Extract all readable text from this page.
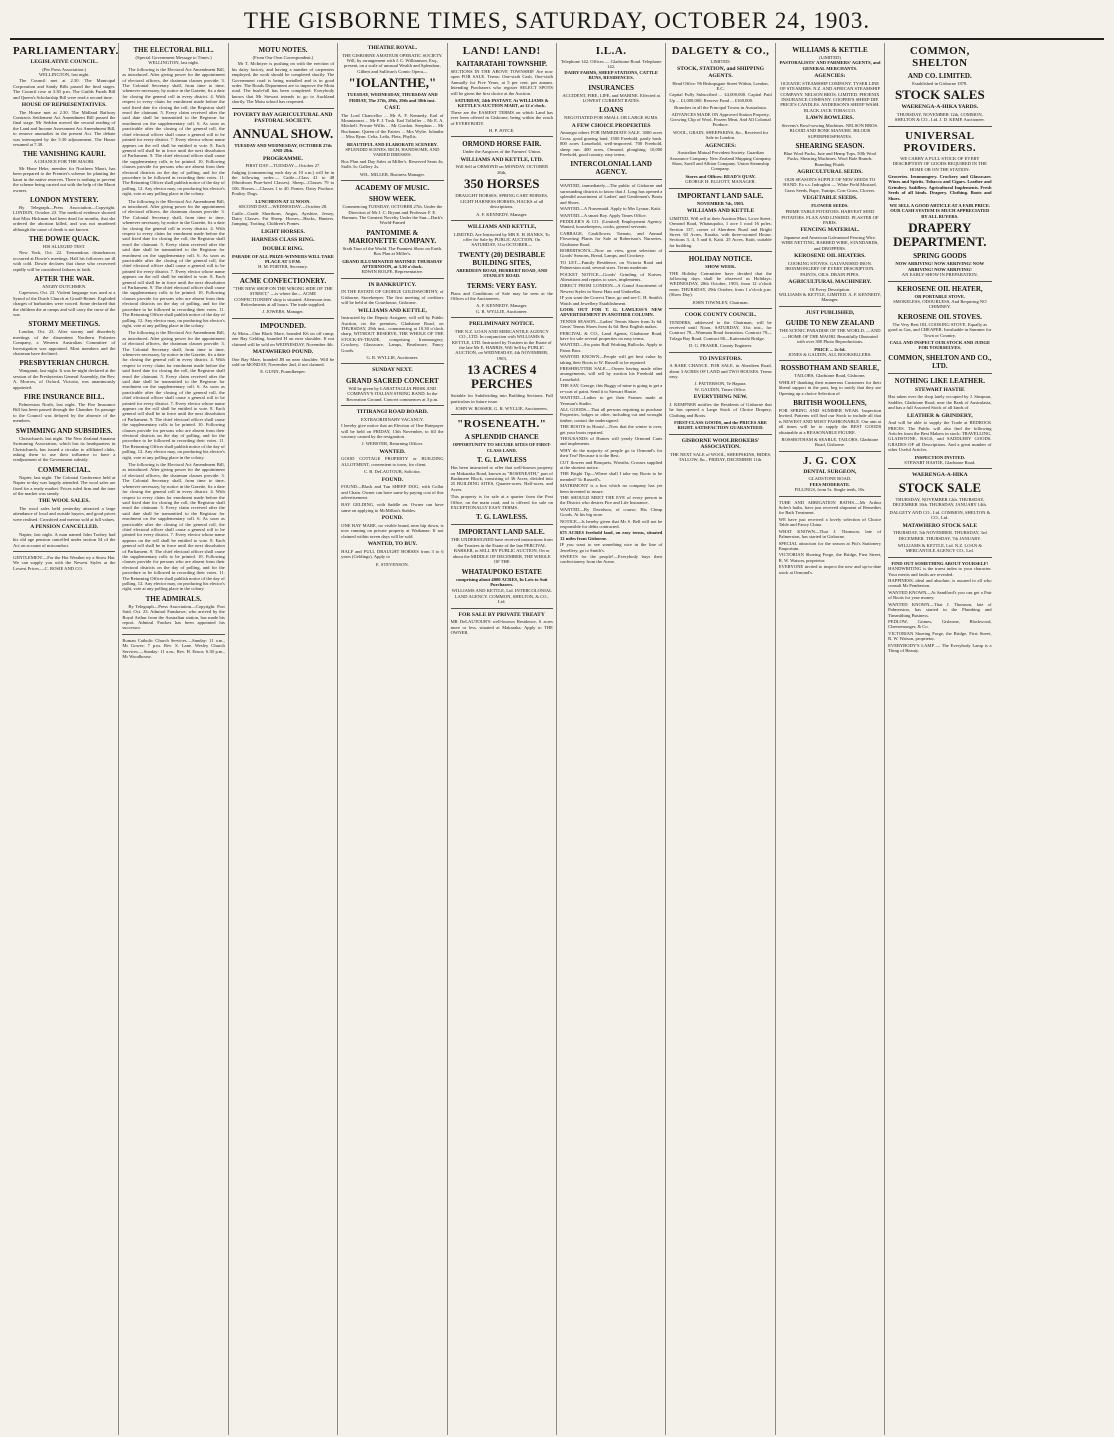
THE GISBORNE TIMES, SATURDAY, OCTOBER 24, 1903.
PARLIAMENTARY.
LEGISLATIVE COUNCIL.
(Per Press Association.)
WELLINGTON, last night.
The Council met at 2.30. The Municipal Corporation and Sandy Bills passed the final stages. The Council rose at 3.30 p.m. The Guilds Funds Bill and Queen's Scholarship Bill were read a second time.
HOUSE OF REPRESENTATIVES.
The House met at 2.30. The Midland Railway Contracts Settlement Act Amendment Bill passed the final stage. Mr Seddon moved the second reading of the Land and Income Assessment Act Amendment Bill, to remove anomalies in the present Act. The debate was interrupted by the 5.30 adjournment. The House resumed at 7.30.
THE VANISHING KAURI.
A CHANCE FOR THE MAORI.
Mr Hone Heke, member for Northern Maori, has been prepared to the Premier's scheme for planting the kauri in the native reserves. There is nothing to prevent the scheme being carried out with the help of the Maori owners.
LONDON MYSTERY.
By Telegraph—Press Association—Copyright. LONDON, October 23. The medical evidence showed that Miss Hickman had been dead for months, that she ordered the abortion killed, and was not murdered although the cause of death is not known.
THE DOWIE QUACK.
HIS ALLEGED TEST.
New York, Oct. 22. Tremendous disturbances occurred at Dowie's meetings. Half his followers are ill with cold. Dowie declares that those who recovered rapidly will be considered failures in faith.
AFTER THE WAR.
ANGRY DUTCHMEN.
Capetown, Oct. 23. Violent language was used at a Synod of the Dutch Church at Graaff-Reinet. Exploded charges of barbarities were voiced. Some declared that the children die at camps and will carry the curse of the war.
STORMY MEETINGS.
London, Oct. 23. After stormy and disorderly meetings of the dissentient Northern Fisheries Company, a Western Australian Committee of Investigation was appointed. Most members and the chairman have declined.
PRESBYTERIAN CHURCH.
Wanganui, last night. It was be-night declared at the session of the Presbyterian General Assembly, the Rev. A. Morrow, of Oxford, Victoria, was unanimously appointed.
FIRE INSURANCE BILL.
Palmerston North, last night. The Fire Insurance Bill has been passed through the Chamber. Its passage to the Council was delayed by the absence of the members.
SWIMMING AND SUBSIDIES.
Christchurch, last night. The New Zealand Amateur Swimming Association, which has its headquarters in Christchurch, has issued a circular to affiliated clubs, asking them to use their influence to have a readjustment of the Government subsidy.
COMMERCIAL.
Napier, last night. The Colonial Conference held at Napier to-day was largely attended. The wool sales are fixed for a ready market. Prices ruled firm and the tone of the market was steady.
THE WOOL SALES.
The wool sales held yesterday attracted a large attendance of local and outside buyers, and good prices were realised. Crossbred and merino sold at full values.
A PENSION CANCELLED.
Napier, last night. A man named John Toohey had his old age pension cancelled under section 54 of the Act on account of misconduct.
GENTLEMEN!—For the Hot Weather try a Straw Hat. We can supply you with the Newest Styles at the Lowest Prices.—C. ROSIE AND CO.
THE ELECTORAL BILL.
(Special Government Message to Times.)
WELLINGTON, last night.
The following is the Electoral Act Amendment Bill, as introduced. After giving power for the appointment of electoral officers, the chairman clauses provide: 3. The Colonial Secretary shall, from time to time, whenever necessary, by notice in the Gazette, fix a date for closing the general roll in every district. 4. With respect to every claim for enrolment made before the said fixed date for closing the roll, the Registrar shall enrol the claimant. 5. Every claim received after the said date shall be transmitted to the Registrar for enrolment on the supplementary roll. 6. As soon as practicable after the closing of the general roll, the chief electoral officer shall cause a general roll to be printed for every district. 7. Every elector whose name appears on the roll shall be entitled to vote. 8. Each general roll shall be in force until the next dissolution of Parliament. 9. The chief electoral officer shall cause the supplementary rolls to be printed. 10. Following clauses provide for persons who are absent from their electoral districts on the day of polling, and for the procedure to be followed in recording their votes. 11. The Returning Officer shall publish notice of the day of polling. 12. Any elector may, on producing his elector's right, vote at any polling place in the colony.
The following is the Electoral Act Amendment Bill, as introduced. After giving power for the appointment of electoral officers, the chairman clauses provide: 3. The Colonial Secretary shall, from time to time, whenever necessary, by notice in the Gazette, fix a date for closing the general roll in every district. 4. With respect to every claim for enrolment made before the said fixed date for closing the roll, the Registrar shall enrol the claimant. 5. Every claim received after the said date shall be transmitted to the Registrar for enrolment on the supplementary roll. 6. As soon as practicable after the closing of the general roll, the chief electoral officer shall cause a general roll to be printed for every district. 7. Every elector whose name appears on the roll shall be entitled to vote. 8. Each general roll shall be in force until the next dissolution of Parliament. 9. The chief electoral officer shall cause the supplementary rolls to be printed. 10. Following clauses provide for persons who are absent from their electoral districts on the day of polling, and for the procedure to be followed in recording their votes. 11. The Returning Officer shall publish notice of the day of polling. 12. Any elector may, on producing his elector's right, vote at any polling place in the colony.
The following is the Electoral Act Amendment Bill, as introduced. After giving power for the appointment of electoral officers, the chairman clauses provide: 3. The Colonial Secretary shall, from time to time, whenever necessary, by notice in the Gazette, fix a date for closing the general roll in every district. 4. With respect to every claim for enrolment made before the said fixed date for closing the roll, the Registrar shall enrol the claimant. 5. Every claim received after the said date shall be transmitted to the Registrar for enrolment on the supplementary roll. 6. As soon as practicable after the closing of the general roll, the chief electoral officer shall cause a general roll to be printed for every district. 7. Every elector whose name appears on the roll shall be entitled to vote. 8. Each general roll shall be in force until the next dissolution of Parliament. 9. The chief electoral officer shall cause the supplementary rolls to be printed. 10. Following clauses provide for persons who are absent from their electoral districts on the day of polling, and for the procedure to be followed in recording their votes. 11. The Returning Officer shall publish notice of the day of polling. 12. Any elector may, on producing his elector's right, vote at any polling place in the colony.
The following is the Electoral Act Amendment Bill, as introduced. After giving power for the appointment of electoral officers, the chairman clauses provide: 3. The Colonial Secretary shall, from time to time, whenever necessary, by notice in the Gazette, fix a date for closing the general roll in every district. 4. With respect to every claim for enrolment made before the said fixed date for closing the roll, the Registrar shall enrol the claimant. 5. Every claim received after the said date shall be transmitted to the Registrar for enrolment on the supplementary roll. 6. As soon as practicable after the closing of the general roll, the chief electoral officer shall cause a general roll to be printed for every district. 7. Every elector whose name appears on the roll shall be entitled to vote. 8. Each general roll shall be in force until the next dissolution of Parliament. 9. The chief electoral officer shall cause the supplementary rolls to be printed. 10. Following clauses provide for persons who are absent from their electoral districts on the day of polling, and for the procedure to be followed in recording their votes. 11. The Returning Officer shall publish notice of the day of polling. 12. Any elector may, on producing his elector's right, vote at any polling place in the colony.
THE ADMIRALS.
By Telegraph—Press Association—Copyright. Port Said, Oct. 23. Admiral Fanshawe, who arrived by the Royal Arthur from the Australian station, has made his report. Admiral Fawkes has been appointed his successor.
Roman Catholic Church Services.—Sunday: 11 a.m., Mr Gower; 7 p.m. Rev. S. Lane. Wesley Church Services.—Sunday: 11 a.m., Rev. H. Ensor; 6.30 p.m., Mr Woodhouse.
MOTU NOTES.
(From Our Own Correspondent.)
Mr T. McIntyre is pushing on with the erection of his dairy factory, and having a number of carpenters employed, the work should be completed shortly. The Government road is being metalled and is in good order. The Roads Department are to improve the Motu road. The bush-fall has been completed. Everybody knows that Mr Stewart intends to go to Auckland shortly. The Motu school has reopened.
POVERTY BAY AGRICULTURAL AND PASTORAL SOCIETY.
ANNUAL SHOW.
TUESDAY AND WEDNESDAY, OCTOBER 27th AND 28th.
PROGRAMME.
FIRST DAY—TUESDAY—October 27.
Judging (commencing each day at 10 a.m.) will be in the following order:— Cattle—Class 41 to 48 (Shorthorn Pure-bred Classes). Sheep—Classes 79 to 106. Horses.—Classes 1 to 40. Ponies. Dairy Produce. Poultry. Dogs.
LUNCHEON AT 12 NOON.
SECOND DAY—WEDNESDAY—October 28.
Cattle—Grade Shorthorn, Angus, Ayrshire, Jersey, Dairy Classes. Fat Sheep. Horses—Hacks, Hunters. Jumping. Trotting. Children's Ponies.
LIGHT HORSES.
HARNESS CLASS RING.
DOUBLE RING.
PARADE OF ALL PRIZE-WINNERS WILL TAKE PLACE AT 3 P.M.
H. M. PORTER, Secretary.
ACME CONFECTIONERY.
"THE NEW SHOP ON THE WRONG SIDE OF THE STREET," —is where the— ACME CONFECTIONERY shop is situated. Afternoon teas. Refreshments at all hours. The trade supplied.
J. JOWERS, Manager.
IMPOUNDED.
At Motu—One Black Mare, branded K6 on off rump; one Bay Gelding, branded H on near shoulder. If not claimed will be sold on WEDNESDAY, November 4th.
MATAWHERO POUND.
One Bay Mare, branded JB on near shoulder. Will be sold on MONDAY, November 2nd, if not claimed.
E. GUNN, Poundkeeper.
THEATRE ROYAL.
THE GISBORNE AMATEUR OPERATIC SOCIETY. Will, by arrangement with J. C. Williamson, Esq., present, on a scale of unusual Wealth and Splendour, Gilbert and Sullivan's Comic Opera—
"IOLANTHE,"
TUESDAY, WEDNESDAY, THURSDAY AND FRIDAY, The 27th, 28th, 29th and 30th inst.
CAST.
The Lord Chancellor ... Mr A. F. Kennedy. Earl of Mountararat ... Mr F. J. Tosh. Earl Tolloller ... Mr E. A. Mitchell. Private Willis ... Mr Gordon. Strephon ... Mr Buchanan. Queen of the Fairies ... Mrs Wylie. Iolanthe ... Miss Ryan. Celia, Leila, Fleta, Phyllis.
BEAUTIFUL AND ELABORATE SCENERY.
SPLENDID SCENES. RICH, HANDSOME, AND VARIED DRESSES.
Box Plan and Day Sales at Miller's. Reserved Seats 4s; Stalls 3s; Gallery 2s.
WIL. MILLER, Business Manager.
ACADEMY OF MUSIC.
SHOW WEEK.
Commencing TUESDAY, OCTOBER 27th. Under the Direction of Mr J. C. Bryant and Professor F. E. Barnum. The Greatest Novelty Under the Sun—Dark's World-Famed
PANTOMIME & MARIONETTE COMPANY.
Sixth Tour of the World. The Funniest Show on Earth. Box Plan at Miller's.
GRAND ILLUMINATED MATINEE THURSDAY AFTERNOON, at 3.30 o'clock.
EDWIN ROLFE, Representative.
IN BANKRUPTCY.
IN THE ESTATE OF GEORGE GOLDSWORTHY, of Gisborne, Storekeeper. The first meeting of creditors will be held at the Courthouse, Gisborne.
WILLIAMS AND KETTLE,
Instructed by the Deputy Assignee, will sell by Public Auction, on the premises, Gladstone Road, on THURSDAY, 29th inst., commencing at 10.30 o'clock sharp, WITHOUT RESERVE, THE WHOLE OF THE STOCK-IN-TRADE, comprising Ironmongery, Crockery, Glassware, Lamps, Brushware, Fancy Goods.
G. R. WYLLIE, Auctioneer.
SUNDAY NEXT.
GRAND SACRED CONCERT
Will be given by LABATTAGLIA PRISK AND COMPANY'S ITALIAN STRING BAND. In the Recreation Ground. Concert commences at 3 p.m.
TITIRANGI ROAD BOARD.
EXTRAORDINARY VACANCY.
I hereby give notice that an Election of One Ratepayer will be held on FRIDAY, 13th November, to fill the vacancy caused by the resignation.
J. WEBSTER, Returning Officer.
WANTED.
GOOD COTTAGE PROPERTY or BUILDING ALLOTMENT, convenient to town, for client.
C. B. DeLAUTOUR, Solicitor.
FOUND.
FOUND—Black and Tan SHEEP DOG, with Collar and Chain. Owner can have same by paying cost of this advertisement.
BAY GELDING, with Saddle on. Owner can have same on applying to McMillan's Stables.
POUND.
ONE BAY MARE, no visible brand, near hip down, is now running on private property at Waikanae. If not claimed within seven days will be sold.
WANTED, TO BUY.
HALF and FULL DRAUGHT HORSES from 3 to 6 years (Geldings). Apply to
E. STEVENSON.
LAND! LAND!
KAITARATAHI TOWNSHIP.
SECTIONS IN THE ABOVE TOWNSHIP. Are now open FOR SALE. Terms: One-sixth Cash, One-sixth Annually for Five Years, at 5 per cent. per annum. Intending Purchasers who register SELECT SPOTS will be given the first choice at the Auction.
SATURDAY, 24th INSTANT. At WILLIAMS & KETTLE'S AUCTION MART, at 12 o'clock.
These are the EASIEST TERMS on which Land has ever been offered in Gisborne, being within the reach of EVERYBODY.
H. P. JOYCE.
ORMOND HORSE FAIR.
Under the Auspices of the Farmers' Union.
WILLIAMS AND KETTLE, LTD.
Will Sell at ORMOND on MONDAY, OCTOBER 26th,
350 HORSES
DRAUGHT HORSES, SPRING CART HORSES, LIGHT HARNESS HORSES, HACKS of all descriptions.
A. F. KENNEDY, Manager.
WILLIAMS AND KETTLE,
LIMITED, Are Instructed by MR E. H. BANKS, To offer for Sale by PUBLIC AUCTION, On SATURDAY, 31st OCTOBER—
TWENTY (20) DESIRABLE BUILDING SITES,
ABERDEEN ROAD, HERBERT ROAD, AND STANLEY ROAD.
TERMS: VERY EASY.
Plans and Conditions of Sale may be seen at the Offices of the Auctioneers.
A. F. KENNEDY, Manager.
G. R. WYLLIE, Auctioneer.
PRELIMINARY NOTICE.
THE N.Z. LOAN AND MERCANTILE AGENCY CO., LTD. In conjunction with WILLIAMS & KETTLE, LTD. Instructed by Trustees in the Estate of the late Mr E. HARRIS, Will Sell by PUBLIC AUCTION, on WEDNESDAY, 4th NOVEMBER, 1903,
13 ACRES 4 PERCHES
Suitable for Subdividing into Building Sections. Full particulars in future issue.
JOHN W. ROSSER. G. R. WYLLIE, Auctioneers.
"ROSENEATH."
A SPLENDID CHANCE
OPPORTUNITY TO SECURE SITES OF FIRST-CLASS LAND.
T. G. LAWLESS
Has been instructed to offer that well-known property on Makaraka Road, known as "ROSENEATH," part of Bushmere Block, consisting of 36 Acres, divided into 25 BUILDING SITES, Quarter-acres, Half-acres, and Acres.
This property is for sale at a quarter from the Post Office, on the main road, and is offered for sale on EXCEPTIONALLY EASY TERMS.
T. G. LAWLESS.
IMPORTANT LAND SALE.
THE UNDERSIGNED have received instructions from the Trustees in the Estate of the late PERCIVAL BARKER, to SELL BY PUBLIC AUCTION, On or about the MIDDLE OF DECEMBER, THE WHOLE OF THE
WHATAUPOKO ESTATE
comprising about 4000 ACRES, In Lots to Suit Purchasers.
WILLIAMS AND KETTLE, Ltd. INTERCOLONIAL LAND AGENCY. COMMON, SHELTON, & CO., Ltd.
FOR SALE BY PRIVATE TREATY
MR DeLAUTOUR'S well-known Residence, 6 acres more or less, situated at Makaraka. Apply to THE OWNER.
I.L.A.
Telephone 142. Offices — Gladstone Road. Telephone 142.
DAIRY FARMS, SHEEP STATIONS, CATTLE RUNS, RESIDENCES.
INSURANCES
ACCIDENT, FIRE, LIFE, and MARINE. Effected at LOWEST CURRENT RATES.
LOANS
NEGOTIATED FOR SMALL OR LARGE SUMS.
A FEW CHOICE PROPERTIES
Amongst others FOR IMMEDIATE SALE. 3000 acres Cross, good grazing land. 1500 Freehold, partly bush. 800 acres Leasehold, well-improved. 700 Freehold, sheep run. 400 acres, Ormond, ploughing. 10,000 Freehold, good country, easy terms.
INTERCOLONIAL LAND AGENCY.
WANTED, immediately—The public of Gisborne and surrounding districts to know that J. Long has opened a splendid assortment of Ladies' and Gentlemen's Boots and Shoes.
WANTED—A Nursemaid. Apply to Mrs Lysnar, Kaiti.
WANTED—A smart Boy. Apply Times Office.
PEDDLER'S & CO. (Limited) Employment Agency. Wanted, housekeepers, cooks, general servants.
CABBAGE, Cauliflower, Tomato, and Annual Flowering Plants for Sale at Robertson's Nurseries, Gladstone Road.
ROBERTSON'S—Now on view, great selection of Goods' Seasons, Bread, Lamps, and Crockery.
TO LET—Family Residence, on Victoria Road and Palmerston road, several sizes. Terms moderate.
POCKET NOTICE—Goods' Grinding of Knives. Alterations and repairs to saws, implements.
DIRECT FROM LONDON—A Grand Assortment of Newest Styles in Straw Hats and Umbrellas.
IF you want the Correct Time, go and see C. H. Smith's Watch and Jewellery Establishment.
LOOK OUT FOR T. G. LAWLESS'S NEW ADVERTISEMENT IN ANOTHER COLUMN.
TENNIS SEASON—Ladies' Tennis Shoes from 3s 6d. Gents' Tennis Shoes from 4s 6d. Best English makes.
PERCIVAL & CO., Land Agents, Gladstone Road, have for sale several properties on easy terms.
WANTED—Six pairs Bull Working Bullocks. Apply to Paton Bros.
WANTED KNOWN—People will get best value by taking their Boots to W. Russell to be repaired.
FRESHBUTTER SALE.—Owner having made other arrangements, will sell by auction his Freehold and Leasehold.
THE SAY, George, this Buggy of mine is going to get a re-coat of paint. Send it to Stewart Hastie.
WANTED—Ladies to get their Frames made at Yeoman's Studio.
ALL GOODS—That all persons requiring to purchase Properties, lodges or other, including cut and wrought timber, contact the undersigned.
THE BOOTS in Hoots!—Now that the winter is over, get your boots repaired.
THOUSANDS of Homes will yearly Ormond Carts and implements.
WHY do the majority of people go to Ormond's for their Tea? Because it is the Best.
CUT flowers and Bouquets, Wreaths, Crosses supplied at the shortest notice.
THE Bright Tip—Where shall I take my Boots to be mended? To Russell's.
MATRIMONY is a box which no company has yet been invented to insure.
THE SHOULD MEET THE EYE of every person in the District who desires Fire and Life Insurance.
WANTED—By Davidson, of course, His Cheap Goods. At his big store.
NOTICE—Is hereby given that Mr S. Bell will not be responsible for debts contracted.
675 ACRES freehold land, on easy terms, situated 12 miles from Gisborne.
IF you want to see something nice in the line of Jewellery, go to Smith's.
SWEETS for the people!—Everybody buys their confectionery from the Acme.
DALGETY & CO.,
LIMITED.
STOCK, STATION, and SHIPPING AGENTS.
Head Office: 96 Bishopsgate Street Within, London, E.C.
Capital Fully Subscribed ... £4,000,000. Capital Paid Up ... £1,000,000. Reserve Fund ... £160,000.
Branches in all the Principal Towns in Australasia.
ADVANCES MADE ON Approved Station Property, Growing Clip of Wool, Frozen Meat, And All Colonial Produce.
WOOL, GRAIN, SHEEPSKINS, &c., Received for Sale in London.
AGENCIES:
Australian Mutual Provident Society. Guardian Assurance Company. New Zealand Shipping Company. Shaw, Savill and Albion Company. Union Steamship Company.
Stores and Offices: READ'S QUAY.
GEORGE H. ELLIOTT, MANAGER.
IMPORTANT LAND SALE.
NOVEMBER 7th, 1903.
WILLIAMS AND KETTLE
LIMITED, Will sell at their Auction Mart, Lowe Street. Ormond Road, Whataupoko, 1 acre 1 rood 16 poles. Section 137, corner of Aberdeen Road and Bright Street. 65 Acres, Karaka, with three-roomed House. Sections 3, 4, 5 and 6, Kaiti. 25 Acres, Kaiti, suitable for building.
HOLIDAY NOTICE.
SHOW WEEK.
THE Holiday Committee have decided that the following days shall be observed as Holidays: WEDNESDAY, 28th October, 1903, from 12 o'clock noon. THURSDAY, 29th October, from 1 o'clock p.m. (Show Day).
JOHN TOWNLEY, Chairman.
COOK COUNTY COUNCIL.
TENDERS, addressed to the Chairman, will be received until Noon, SATURDAY, 31st inst., for Contract 78—Waimata Road formation. Contract 79—Tolaga Bay Road. Contract 80—Kaiteratahi Bridge.
D. G. FRASER, County Engineer.
TO INVESTORS.
A RARE CHANCE. FOR SALE, in Aberdeen Road, about 3 ACRES OF LAND and TWO HOUSES. Terms easy.
J. PATTERSON, Te Hapara.
W. GAUDIN, Times Office.
EVERYTHING NEW.
J. KEMPNER notifies the Residents of Gisborne that he has opened a Large Stock of Choice Drapery, Clothing and Boots.
FIRST-CLASS GOODS, and the PRICES ARE RIGHT. SATISFACTION GUARANTEED.
GISBORNE WOOLBROKERS' ASSOCIATION.
THE NEXT SALE of WOOL, SHEEPSKINS, HIDES, TALLOW, &c., FRIDAY, DECEMBER 11th.
WILLIAMS & KETTLE
(LIMITED)
PASTORALISTS' AND FARMERS' AGENTS, and GENERAL MERCHANTS.
AGENCIES:
OCEANIC STEAMSHIP COMPANY. TYSER LINE OF STEAMERS. N.Z. AND AFRICAN STEAMSHIP COMPANY. NELSON BROS. LIMITED. PHOENIX INSURANCE COMPANY. COOPER'S SHEEP DIP. PRICE'S CANDLES. ANDERSON'S SHEEP WASH. BLACK JACK TOBACCO.
LAWN BOWLERS.
Stevens's Bowl-sowing Machines. NELSON BROS. BLOOD AND BONE MANURE. BILOUR SUPERPHOSPHATES.
SHEARING SEASON.
Blue Wool Packs, Jute and Hemp Tops, 50lb Wool Packs, Shearing Machines. Wool Bale Brands. Branding Fluids.
AGRICULTURAL SEEDS.
OUR SEASON'S SUPPLY OF NEW SEEDS TO HAND. Ex s.s. Indraghiri — White Field Mustard, Grass Seeds, Rape, Turnips, Cow Grass, Clovers.
VEGETABLE SEEDS.
FLOWER SEEDS.
PRIME TABLE POTATOES. HARVEST SEED POTATOES. FLAX AND LINSEED. PLASTER OF PARIS.
FENCING MATERIAL.
Japanese and American Galvanised Fencing Wire. WIRE NETTING, BARBED WIRE, STANDARDS, and DROPPERS.
KEROSENE OIL HEATERS.
COOKING STOVES. GALVANISED IRON. IRONMONGERY OF EVERY DESCRIPTION. PAINTS, OILS. DRAIN PIPES.
AGRICULTURAL MACHINERY.
Of Every Description.
WILLIAMS & KETTLE, LIMITED. A. F. KENNEDY, Manager.
JUST PUBLISHED,
GUIDE TO NEW ZEALAND
THE SCENIC PARADISE OF THE WORLD, —AND— HOME OF THE MAORI. Beautifully Illustrated with over 300 Photo Reproductions.
PRICE ... 2s 6d.
JONES & GAUDIN, ALL BOOKSELLERS.
ROSSBOTHAM AND SEARLE,
TAILORS, Gladstone Road, Gisborne,
WHILST thanking their numerous Customers for their liberal support in the past, beg to notify that they are Opening up a choice Selection of
BRITISH WOOLLENS,
FOR SPRING AND SUMMER WEAR. Inspection Invited. Patterns will find our Stock to include all that is NEWEST AND MOST FASHIONABLE. Our aim at all times will be to supply the BEST GOODS obtainable at a REASONABLE FIGURE.
ROSSBOTHAM & SEARLE, TAILORS, Gladstone Road, Gisborne.
J. G. COX
DENTAL SURGEON,
GLADSTONE ROAD.
FEES MODERATE.
FILLINGS, from 5s. Single teeth, 10s.
TUBE AND ABRIGATION BATHS.—Mr Arthur Soles's baths, have just received shipment of Remedies for Bath Treatment.
WE have just received a lovely selection of Choice Table and Fancy China.
WHAT KNOWN—That J. Thomson, late of Palmerston, has started in Gisborne.
SPECIAL attraction for the season at Pitt's Stationery Emporium.
VICTORIAN Shoeing Forge, the Bridge, First Street, R. W. Watson, proprietor.
EVERYONE invited to inspect the new and up-to-date stock at Ormond's.
COMMON, SHELTON
AND CO. LIMITED.
Established in Gisborne 1878.
STOCK SALES
WAERENGA-A-HIKA YARDS.
THURSDAY, NOVEMBER 12th, COMMON, SHELTON & CO., Ltd. J. D. KEMP, Auctioneer.
UNIVERSAL PROVIDERS.
WE CARRY A FULL STOCK OF EVERY DESCRIPTION OF GOODS REQUIRED IN THE HOME OR ON THE STATION:
Groceries. Ironmongery. Crockery and Glassware. Wines and Spirits. Tobacco and Cigars. Leather and Grindery. Saddlery. Agricultural Implements. Fresh Seeds of all kinds. Drapery. Clothing. Boots and Shoes.
WE SELL A GOOD ARTICLE AT A FAIR PRICE.
OUR CASH SYSTEM IS MUCH APPRECIATED BY ALL BUYERS.
DRAPERY DEPARTMENT.
SPRING GOODS
NOW ARRIVING! NOW ARRIVING! NOW ARRIVING! NOW ARRIVING!
AN EARLY SHOW IN PREPARATION.
KEROSENE OIL HEATER,
OR PORTABLE STOVE.
SMOKELESS, ODOURLESS, And Requiring NO CHIMNEY.
KEROSENE OIL STOVES.
The Very Best OIL COOKING STOVE. Equally as good as Gas, and CHEAPER. Invaluable in Summer for Town or Country.
CALL AND INSPECT OUR STOCK AND JUDGE FOR YOURSELVES.
COMMON, SHELTON AND CO., LTD.
NOTHING LIKE LEATHER.
STEWART HASTIE
Has taken over the shop lately occupied by J. Simpson, Saddler, Gladstone Road, near the Bank of Australasia, and has a full Assorted Stock of all kinds of
LEATHER & GRINDERY,
And will be able to supply the Trade at BEDROCK PRICES. The Public will also find the following Articles from the Best Makers in stock: TRAVELLING, GLADSTONE, BAGS, and SADDLERY GOODS. GRADES OF all Descriptions. And a great number of other Useful Articles.
INSPECTION INVITED.
STEWART HASTIE, Gladstone Road.
WAERENGA-A-HIKA
STOCK SALE
THURSDAY, NOVEMBER 12th. THURSDAY, DECEMBER 10th. THURSDAY, JANUARY 14th.
DALGETY AND CO., Ltd. COMMON, SHELTON & CO., Ltd.
MATAWHERO STOCK SALE
THURSDAY, 5th NOVEMBER. THURSDAY, 3rd DECEMBER. THURSDAY, 7th JANUARY.
WILLIAMS & KETTLE, Ltd. N.Z. LOAN & MERCANTILE AGENCY CO., Ltd.
FIND OUT SOMETHING ABOUT YOURSELF!
HANDWRITING is the truest index to your character. Your merits and faults are revealed.
HAPPINESS, ideal and absolute, is assured to all who consult Mr Pemberton.
WANTED KNOWN—At Sandford's you can get a Pair of Boots for your money.
WANTED KNOWN—That J. Thomson, late of Palmerston, has started in the Plumbing and Tinsmithing Business.
PEDLOW, Grimes, Gisborne, Blackwood, Cheesemonger, & Co.
VICTORIAN Shoeing Forge, the Bridge, First Street, R. W. Watson, proprietor.
EVERYBODY'S LAMP — The Everybody Lamp is a Thing of Beauty.
